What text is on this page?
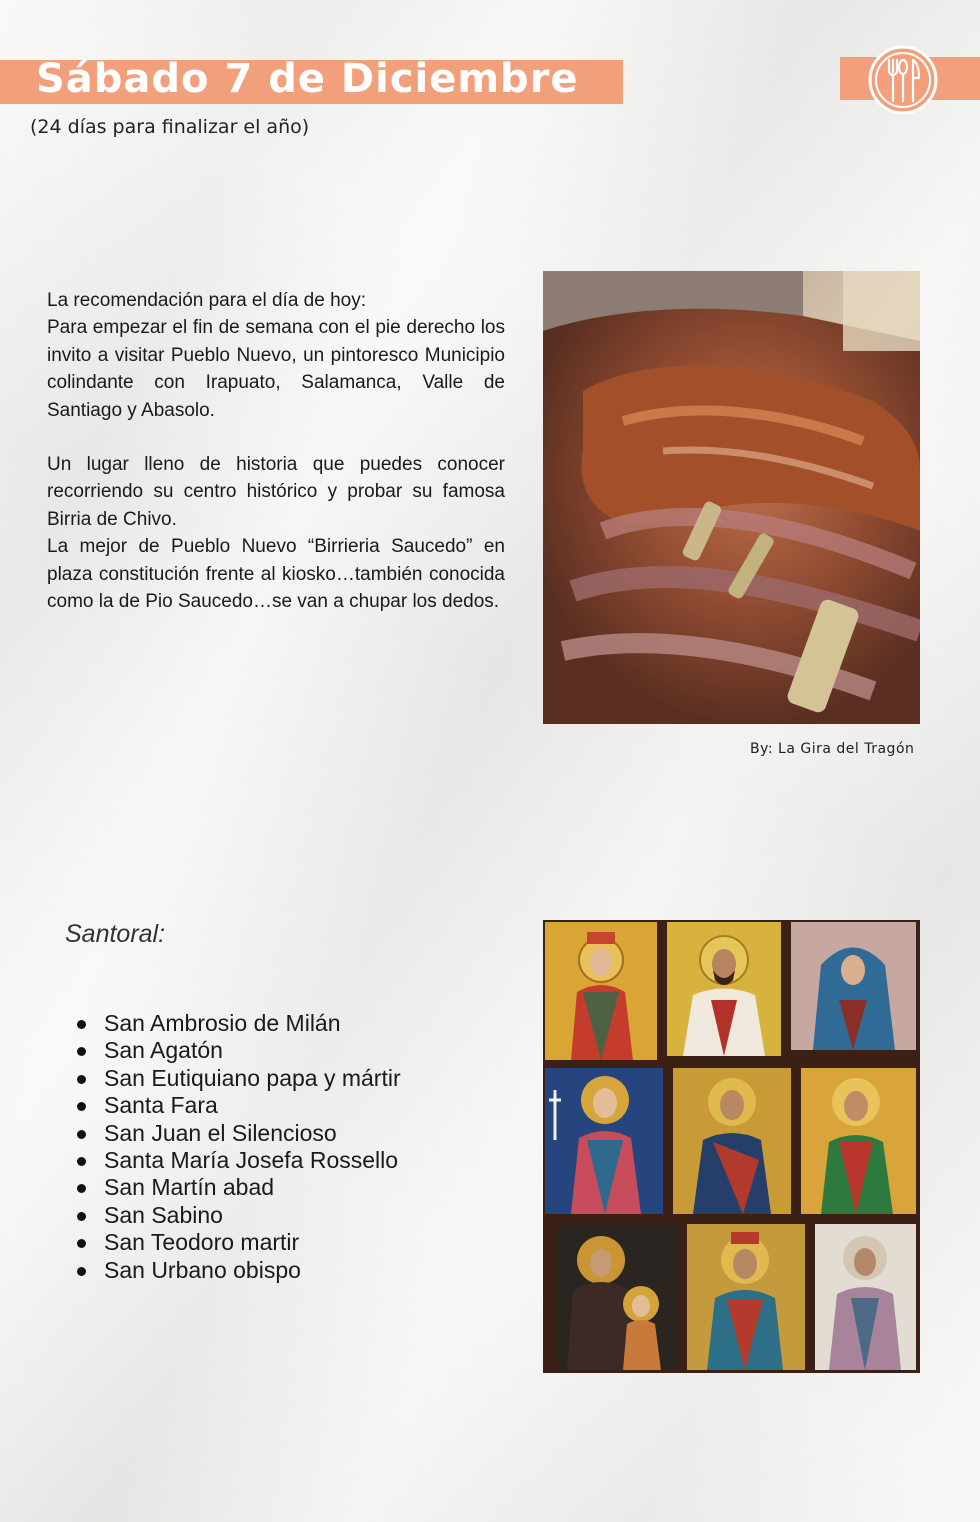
Sábado 7 de Diciembre
(24 días para finalizar el año)

La recomendación para el día de hoy:

Para empezar el fin de semana con el pie derecho los invito a visitar Pueblo Nuevo, un pintoresco Municipio colindante con Irapuato, Salamanca, Valle de Santiago y Abasolo.

Un lugar lleno de historia que puedes conocer recorriendo su centro histórico y probar su famosa Birria de Chivo.

La mejor de Pueblo Nuevo “Birrieria Saucedo” en plaza constitución frente al kiosko…también conocida como la de Pio Saucedo…se van a chupar los dedos.

By: La Gira del Tragón
Santoral:
San Ambrosio de Milán
San Agatón
San Eutiquiano papa y mártir
Santa Fara
San Juan el Silencioso
Santa María Josefa Rossello
San Martín abad
San Sabino
San Teodoro martir
San Urbano obispo
